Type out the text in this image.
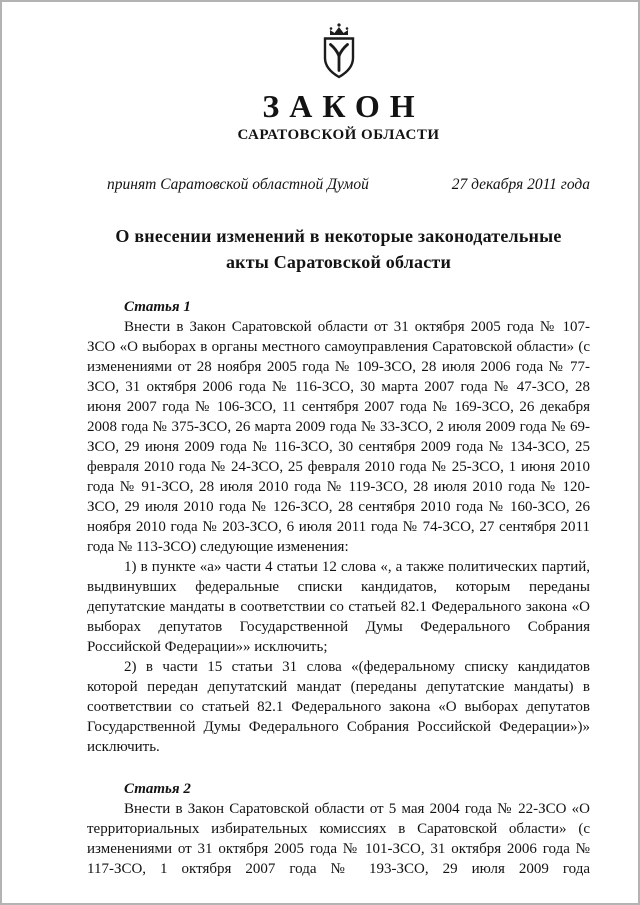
ЗАКОН
САРАТОВСКОЙ ОБЛАСТИ
принят Саратовской областной Думой	27 декабря 2011 года
О внесении изменений в некоторые законодательные акты Саратовской области

Статья 1

Внести в Закон Саратовской области от 31 октября 2005 года № 107-ЗСО «О выборах в органы местного самоуправления Саратовской области» (с изменениями от 28 ноября 2005 года № 109-ЗСО, 28 июля 2006 года № 77-ЗСО, 31 октября 2006 года № 116-ЗСО, 30 марта 2007 года № 47-ЗСО, 28 июня 2007 года № 106-ЗСО, 11 сентября 2007 года № 169-ЗСО, 26 декабря 2008 года № 375-ЗСО, 26 марта 2009 года № 33-ЗСО, 2 июля 2009 года № 69-ЗСО, 29 июня 2009 года № 116-ЗСО, 30 сентября 2009 года № 134-ЗСО, 25 февраля 2010 года № 24-ЗСО, 25 февраля 2010 года № 25-ЗСО, 1 июня 2010 года № 91-ЗСО, 28 июля 2010 года № 119-ЗСО, 28 июля 2010 года № 120-ЗСО, 29 июля 2010 года № 126-ЗСО, 28 сентября 2010 года № 160-ЗСО, 26 ноября 2010 года № 203-ЗСО, 6 июля 2011 года № 74-ЗСО, 27 сентября 2011 года № 113-ЗСО) следующие изменения:

1) в пункте «а» части 4 статьи 12 слова «, а также политических партий, выдвинувших федеральные списки кандидатов, которым переданы депутатские мандаты в соответствии со статьей 82.1 Федерального закона «О выборах депутатов Государственной Думы Федерального Собрания Российской Федерации»» исключить;

2) в части 15 статьи 31 слова «(федеральному списку кандидатов которой передан депутатский мандат (переданы депутатские мандаты) в соответствии со статьей 82.1 Федерального закона «О выборах депутатов Государственной Думы Федерального Собрания Российской Федерации»)» исключить.

Статья 2

Внести в Закон Саратовской области от 5 мая 2004 года № 22-ЗСО «О территориальных избирательных комиссиях в Саратовской области» (с изменениями от 31 октября 2005 года № 101-ЗСО, 31 октября 2006 года № 117-ЗСО, 1 октября 2007 года № 193-ЗСО, 29 июля 2009 года
